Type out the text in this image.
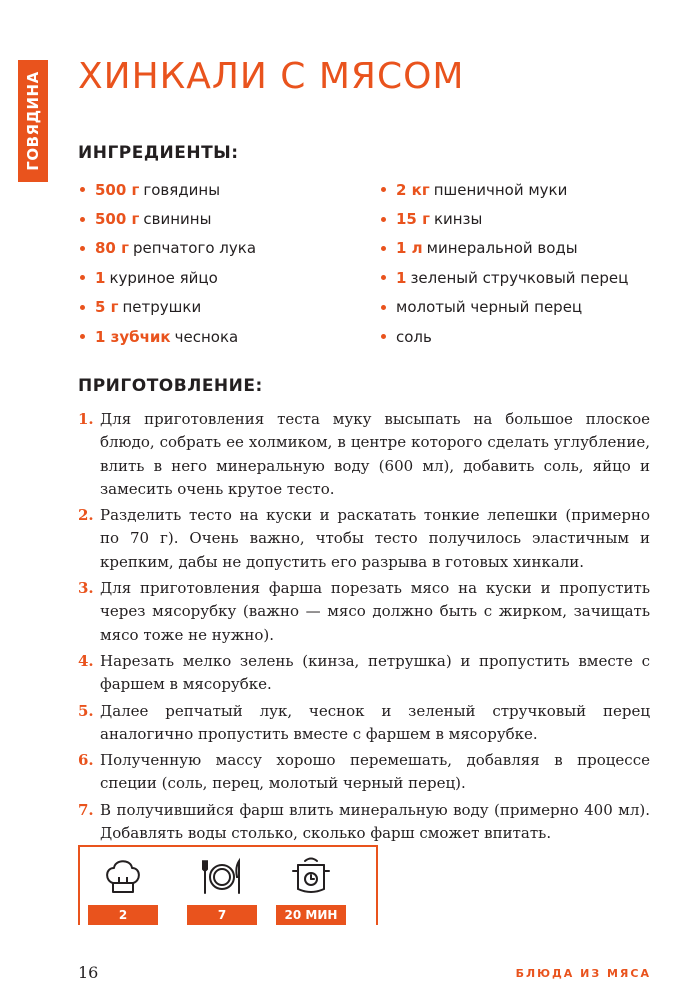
ГОВЯДИНА ХИНКАЛИ С МЯСОМ
ИНГРЕДИЕНТЫ:
500 г говядины
500 г свинины
80 г репчатого лука
1 куриное яйцо
5 г петрушки
1 зубчик чеснока
2 кг пшеничной муки
15 г кинзы
1 л минеральной воды
1 зеленый стручковый перец
молотый черный перец
соль
ПРИГОТОВЛЕНИЕ:
1. Для приготовления теста муку высыпать на большое плоское блюдо, собрать ее холмиком, в центре которого сделать углубление, влить в него минеральную воду (600 мл), добавить соль, яйцо и замесить очень крутое тесто.
2. Разделить тесто на куски и раскатать тонкие лепешки (примерно по 70 г). Очень важно, чтобы тесто получилось эластичным и крепким, дабы не допустить его разрыва в готовых хинкали.
3. Для приготовления фарша порезать мясо на куски и пропустить через мясорубку (важно — мясо должно быть с жирком, зачищать мясо тоже не нужно).
4. Нарезать мелко зелень (кинза, петрушка) и пропустить вместе с фаршем в мясорубке.
5. Далее репчатый лук, чеснок и зеленый стручковый перец аналогично пропустить вместе с фаршем в мясорубке.
6. Полученную массу хорошо перемешать, добавляя в процессе специи (соль, перец, молотый черный перец).
7. В получившийся фарш влить минеральную воду (примерно 400 мл). Добавлять воды столько, сколько фарш сможет впитать.
2	7	20 МИН
16	БЛЮДА ИЗ МЯСА
